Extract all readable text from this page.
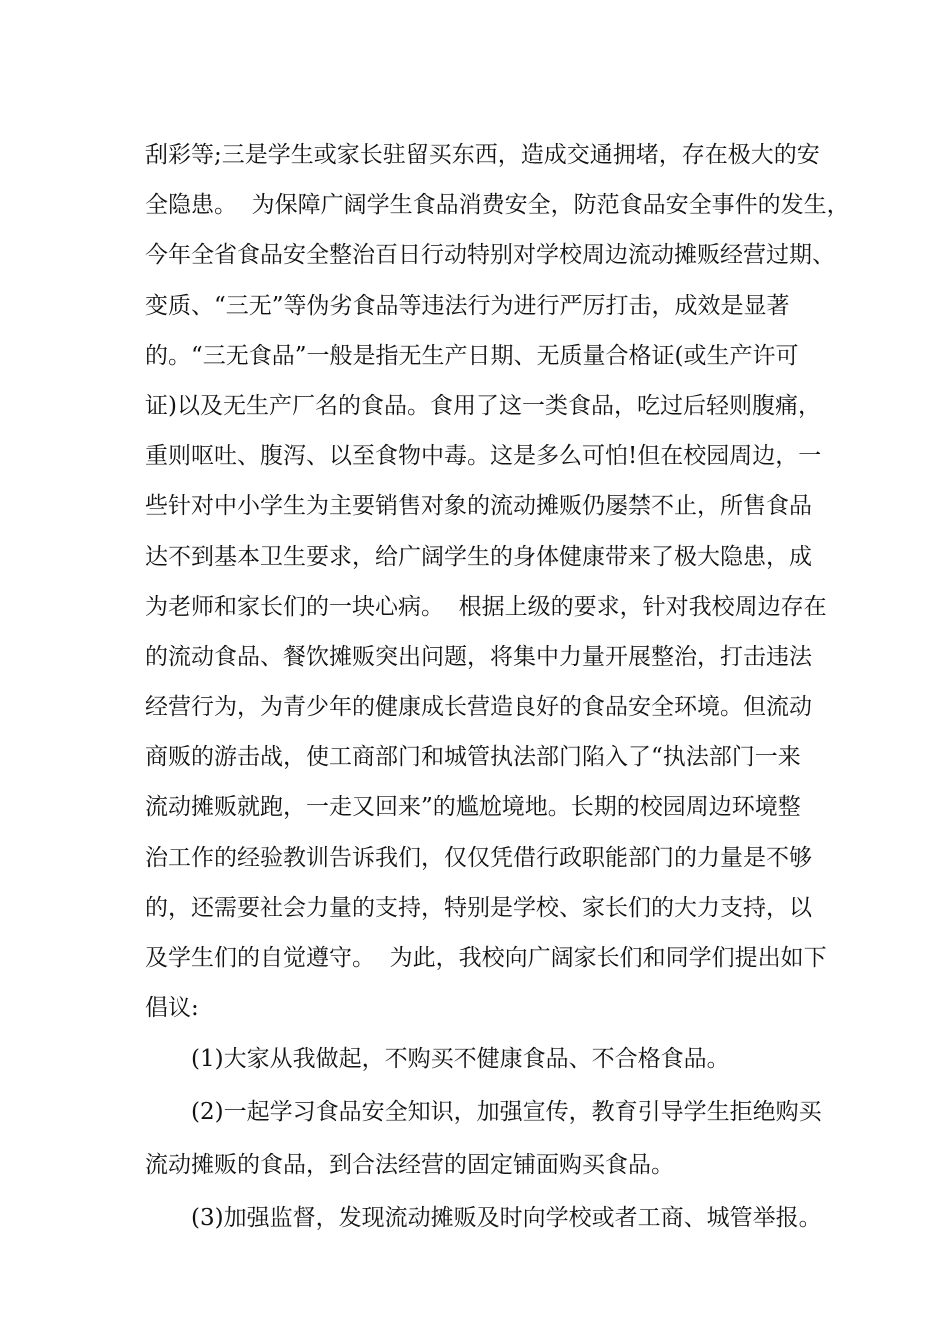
刮彩等;三是学生或家长驻留买东西，造成交通拥堵，存在极大的安
全隐患。  为保障广阔学生食品消费安全，防范食品安全事件的发生，
今年全省食品安全整治百日行动特别对学校周边流动摊贩经营过期、
变质、“三无”等伪劣食品等违法行为进行严厉打击，成效是显著
的。“三无食品”一般是指无生产日期、无质量合格证(或生产许可
证)以及无生产厂名的食品。食用了这一类食品，吃过后轻则腹痛，
重则呕吐、腹泻、以至食物中毒。这是多么可怕!但在校园周边，一
些针对中小学生为主要销售对象的流动摊贩仍屡禁不止，所售食品
达不到基本卫生要求，给广阔学生的身体健康带来了极大隐患，成
为老师和家长们的一块心病。  根据上级的要求，针对我校周边存在
的流动食品、餐饮摊贩突出问题，将集中力量开展整治，打击违法
经营行为，为青少年的健康成长营造良好的食品安全环境。但流动
商贩的游击战，使工商部门和城管执法部门陷入了“执法部门一来
流动摊贩就跑，一走又回来”的尴尬境地。长期的校园周边环境整
治工作的经验教训告诉我们，仅仅凭借行政职能部门的力量是不够
的，还需要社会力量的支持，特别是学校、家长们的大力支持，以
及学生们的自觉遵守。  为此，我校向广阔家长们和同学们提出如下
倡议:
(1)大家从我做起，不购买不健康食品、不合格食品。
(2)一起学习食品安全知识，加强宣传，教育引导学生拒绝购买
流动摊贩的食品，到合法经营的固定铺面购买食品。
(3)加强监督，发现流动摊贩及时向学校或者工商、城管举报。
